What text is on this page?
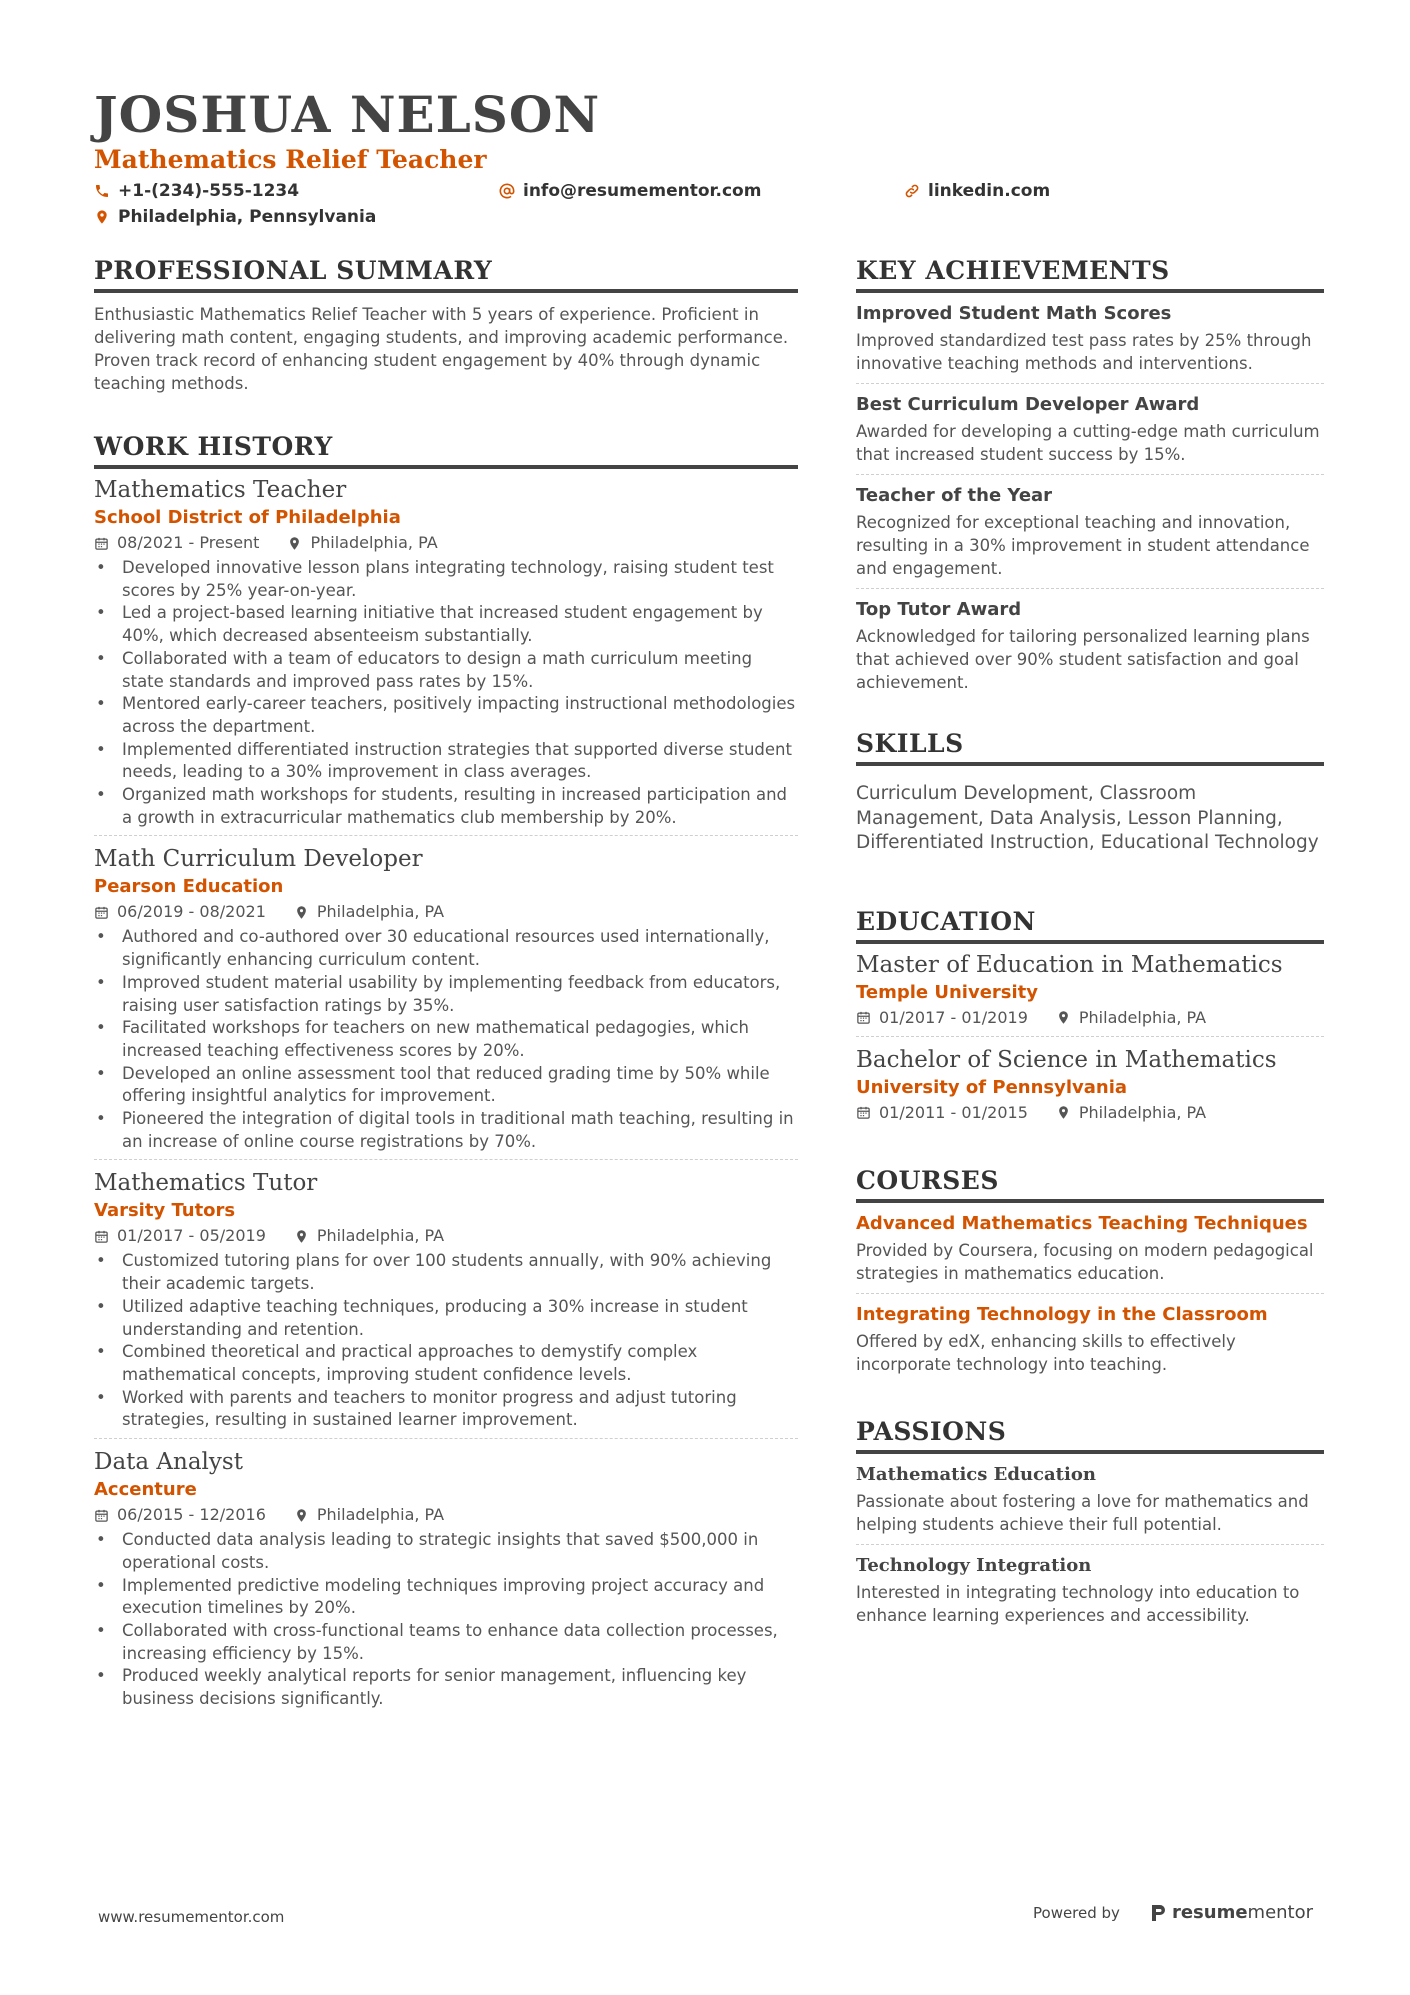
JOSHUA NELSON
Mathematics Relief Teacher
+1-(234)-555-1234	info@resumementor.com	linkedin.com
Philadelphia, Pennsylvania
PROFESSIONAL SUMMARY
Enthusiastic Mathematics Relief Teacher with 5 years of experience. Proficient in delivering math content, engaging students, and improving academic performance. Proven track record of enhancing student engagement by 40% through dynamic teaching methods.
WORK HISTORY
Mathematics Teacher
School District of Philadelphia
08/2021 - Present	Philadelphia, PA
• Developed innovative lesson plans integrating technology, raising student test scores by 25% year-on-year.
• Led a project-based learning initiative that increased student engagement by 40%, which decreased absenteeism substantially.
• Collaborated with a team of educators to design a math curriculum meeting state standards and improved pass rates by 15%.
• Mentored early-career teachers, positively impacting instructional methodologies across the department.
• Implemented differentiated instruction strategies that supported diverse student needs, leading to a 30% improvement in class averages.
• Organized math workshops for students, resulting in increased participation and a growth in extracurricular mathematics club membership by 20%.
Math Curriculum Developer
Pearson Education
06/2019 - 08/2021	Philadelphia, PA
• Authored and co-authored over 30 educational resources used internationally, significantly enhancing curriculum content.
• Improved student material usability by implementing feedback from educators, raising user satisfaction ratings by 35%.
• Facilitated workshops for teachers on new mathematical pedagogies, which increased teaching effectiveness scores by 20%.
• Developed an online assessment tool that reduced grading time by 50% while offering insightful analytics for improvement.
• Pioneered the integration of digital tools in traditional math teaching, resulting in an increase of online course registrations by 70%.
Mathematics Tutor
Varsity Tutors
01/2017 - 05/2019	Philadelphia, PA
• Customized tutoring plans for over 100 students annually, with 90% achieving their academic targets.
• Utilized adaptive teaching techniques, producing a 30% increase in student understanding and retention.
• Combined theoretical and practical approaches to demystify complex mathematical concepts, improving student confidence levels.
• Worked with parents and teachers to monitor progress and adjust tutoring strategies, resulting in sustained learner improvement.
Data Analyst
Accenture
06/2015 - 12/2016	Philadelphia, PA
• Conducted data analysis leading to strategic insights that saved $500,000 in operational costs.
• Implemented predictive modeling techniques improving project accuracy and execution timelines by 20%.
• Collaborated with cross-functional teams to enhance data collection processes, increasing efficiency by 15%.
• Produced weekly analytical reports for senior management, influencing key business decisions significantly.
KEY ACHIEVEMENTS
Improved Student Math Scores
Improved standardized test pass rates by 25% through innovative teaching methods and interventions.
Best Curriculum Developer Award
Awarded for developing a cutting-edge math curriculum that increased student success by 15%.
Teacher of the Year
Recognized for exceptional teaching and innovation, resulting in a 30% improvement in student attendance and engagement.
Top Tutor Award
Acknowledged for tailoring personalized learning plans that achieved over 90% student satisfaction and goal achievement.
SKILLS
Curriculum Development, Classroom Management, Data Analysis, Lesson Planning, Differentiated Instruction, Educational Technology
EDUCATION
Master of Education in Mathematics
Temple University
01/2017 - 01/2019	Philadelphia, PA
Bachelor of Science in Mathematics
University of Pennsylvania
01/2011 - 01/2015	Philadelphia, PA
COURSES
Advanced Mathematics Teaching Techniques
Provided by Coursera, focusing on modern pedagogical strategies in mathematics education.
Integrating Technology in the Classroom
Offered by edX, enhancing skills to effectively incorporate technology into teaching.
PASSIONS
Mathematics Education
Passionate about fostering a love for mathematics and helping students achieve their full potential.
Technology Integration
Interested in integrating technology into education to enhance learning experiences and accessibility.
www.resumementor.com	Powered by	resumementor
